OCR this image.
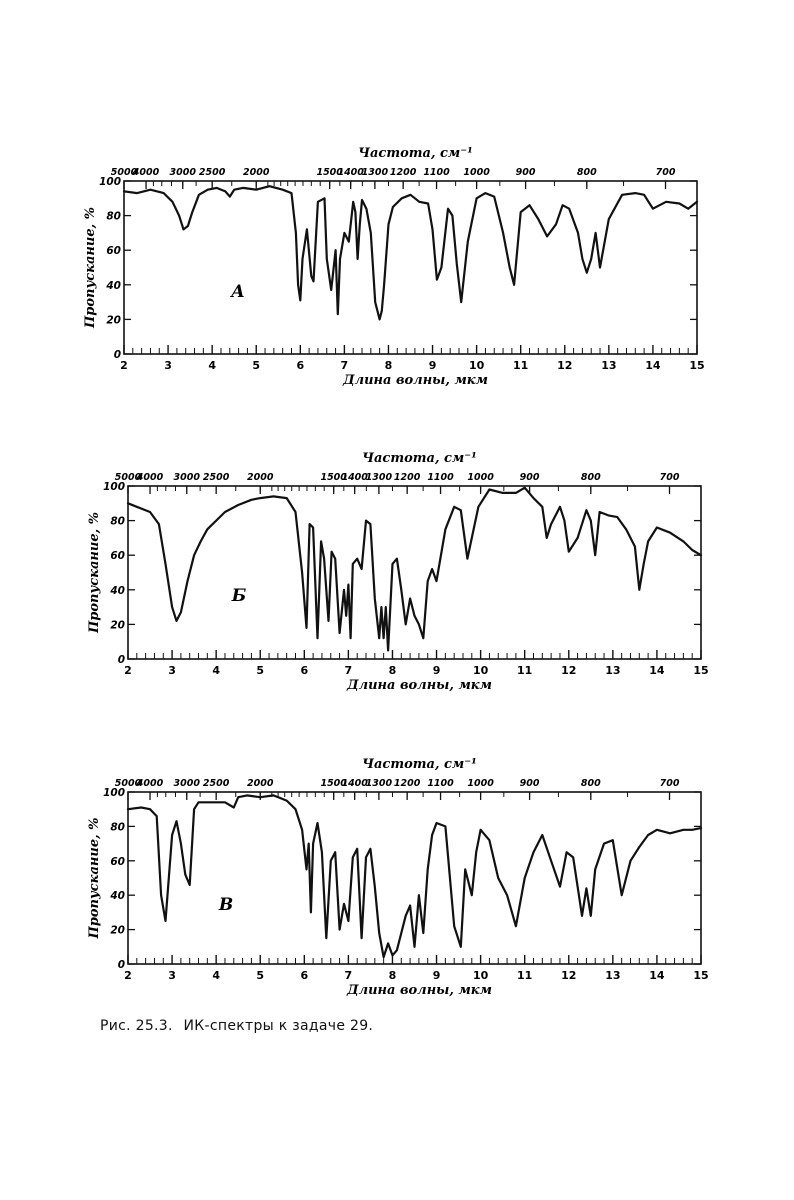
2	3	4	5	6	7	8	9	10	11	12	13	14	15
5000
4000 3000 2500 2000	1500
1400
1300 1200 1100 1000	900	800	700
0
20
40
60
80
100
Длина волны, мкм
Частота, см⁻¹
Пропускание, %	A
2	3	4	5	6	7	8	9	10	11	12	13	14	15
5000
4000 3000 2500 2000	1500
1400
1300 1200 1100 1000	900	800	700
0
20
40
60
80
100
Длина волны, мкм
Частота, см⁻¹
Пропускание, %	Б
2	3	4	5	6	7	8	9	10	11	12	13	14	15
5000
4000 3000 2500 2000	1500
1400
1300 1200 1100 1000	900	800	700
0
20
40
60
80
100
Длина волны, мкм
Частота, см⁻¹
Пропускание, %	В
Рис. 25.3. ИК-спектры к задаче 29.
